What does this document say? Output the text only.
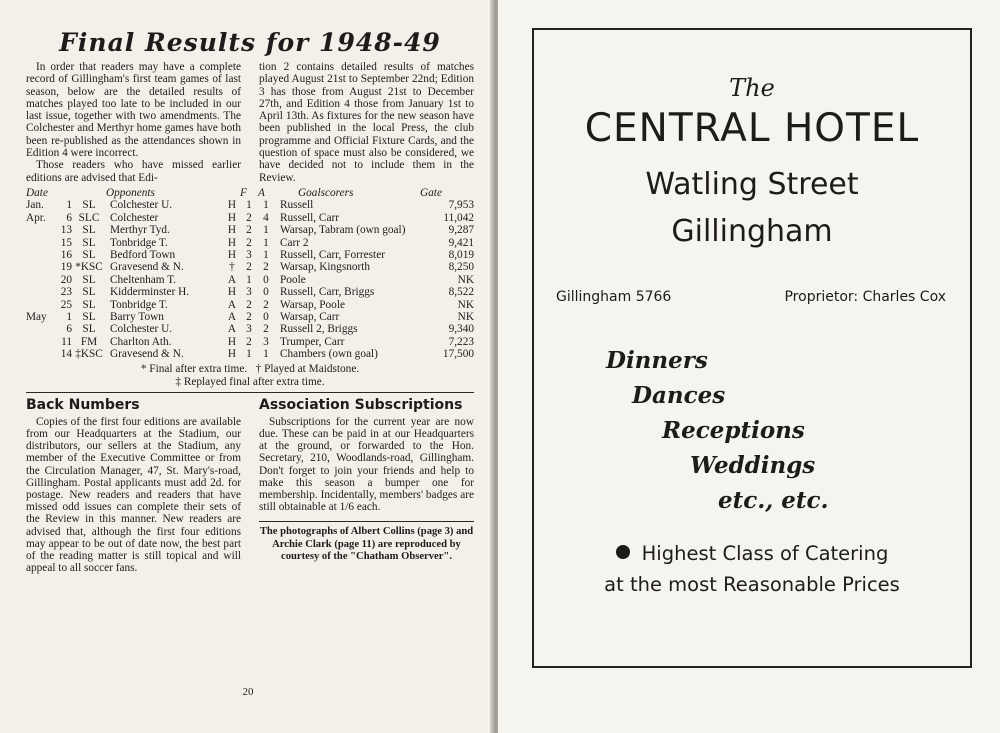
Final Results for 1948-49

In order that readers may have a complete record of Gillingham's first team games of last season, below are the detailed results of matches played too late to be included in our last issue, together with two amendments. The Colchester and Merthyr home games have both been re-published as the attendances shown in Edition 4 were incorrect.

Those readers who have missed earlier editions are advised that Edi-

tion 2 contains detailed results of matches played August 21st to September 22nd; Edition 3 has those from August 21st to December 27th, and Edition 4 those from January 1st to April 13th. As fixtures for the new season have been published in the local Press, the club programme and Official Fixture Cards, and the question of space must also be considered, we have decided not to include them in the Review.

Date		Opponents			F	A	Goalscorers	Gate
Jan.	1	SL	Colchester U.	H	1	1	Russell	7,953
Apr.	6	SLC	Colchester	H	2	4	Russell, Carr	11,042
	13	SL	Merthyr Tyd.	H	2	1	Warsap, Tabram (own goal)	9,287
	15	SL	Tonbridge T.	H	2	1	Carr 2	9,421
	16	SL	Bedford Town	H	3	1	Russell, Carr, Forrester	8,019
	19	*KSC	Gravesend & N.	†	2	2	Warsap, Kingsnorth	8,250
	20	SL	Cheltenham T.	A	1	0	Poole	NK
	23	SL	Kidderminster H.	H	3	0	Russell, Carr, Briggs	8,522
	25	SL	Tonbridge T.	A	2	2	Warsap, Poole	NK
May	1	SL	Barry Town	A	2	0	Warsap, Carr	NK
	6	SL	Colchester U.	A	3	2	Russell 2, Briggs	9,340
	11	FM	Charlton Ath.	H	2	3	Trumper, Carr	7,223
	14	‡KSC	Gravesend & N.	H	1	1	Chambers (own goal)	17,500
* Final after extra time.   † Played at Maidstone.
‡ Replayed final after extra time.
Back Numbers

Copies of the first four editions are available from our Headquarters at the Stadium, our distributors, our sellers at the Stadium, any member of the Executive Committee or from the Circulation Manager, 47, St. Mary's-road, Gillingham. Postal applicants must add 2d. for postage. New readers and readers that have missed odd issues can complete their sets of the Review in this manner. New readers are advised that, although the first four editions may appear to be out of date now, the best part of the reading matter is still topical and will appeal to all soccer fans.

Association Subscriptions

Subscriptions for the current year are now due. These can be paid in at our Headquarters at the ground, or forwarded to the Hon. Secretary, 210, Woodlands-road, Gillingham. Don't forget to join your friends and help to make this season a bumper one for membership. Incidentally, members' badges are still obtainable at 1/6 each.

The photographs of Albert Collins (page 3) and Archie Clark (page 11) are reproduced by courtesy of the "Chatham Observer".
20
The
CENTRAL HOTEL
Watling Street
Gillingham
Gillingham 5766	Proprietor: Charles Cox
Dinners
Dances
Receptions
Weddings
etc., etc.
Highest Class of Catering
at the most Reasonable Prices
